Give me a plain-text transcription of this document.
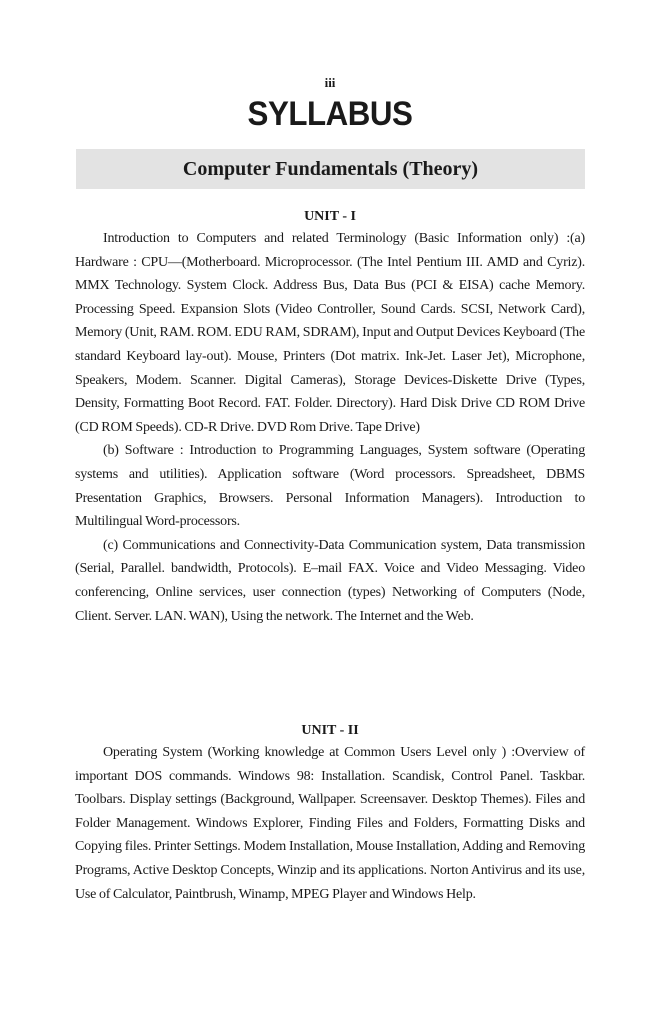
iii
SYLLABUS
Computer Fundamentals (Theory)
UNIT - I

Introduction to Computers and related Terminology (Basic Information only) :(a) Hardware : CPU—(Motherboard. Microprocessor. (The Intel Pentium III. AMD and Cyriz). MMX Technology. System Clock. Address Bus, Data Bus (PCI & EISA) cache Memory. Processing Speed. Expansion Slots (Video Controller, Sound Cards. SCSI, Network Card), Memory (Unit, RAM. ROM. EDU RAM, SDRAM), Input and Output Devices Keyboard (The standard Keyboard lay-out). Mouse, Printers (Dot matrix. Ink-Jet. Laser Jet), Microphone, Speakers, Modem. Scanner. Digital Cameras), Storage Devices-Diskette Drive (Types, Density, Formatting Boot Record. FAT. Folder. Directory). Hard Disk Drive CD ROM Drive (CD ROM Speeds). CD-R Drive. DVD Rom Drive. Tape Drive)

(b) Software : Introduction to Programming Languages, System software (Operating systems and utilities). Application software (Word processors. Spreadsheet, DBMS Presentation Graphics, Browsers. Personal Information Managers). Introduction to Multilingual Word-processors.

(c) Communications and Connectivity-Data Communication system, Data transmission (Serial, Parallel. bandwidth, Protocols). E–mail FAX. Voice and Video Messaging. Video conferencing, Online services, user connection (types) Networking of Computers (Node, Client. Server. LAN. WAN), Using the network. The Internet and the Web.

UNIT - II

Operating System (Working knowledge at Common Users Level only ) :Overview of important DOS commands. Windows 98: Installation. Scandisk, Control Panel. Taskbar. Toolbars. Display settings (Background, Wallpaper. Screensaver. Desktop Themes). Files and Folder Management. Windows Explorer, Finding Files and Folders, Formatting Disks and Copying files. Printer Settings. Modem Installation, Mouse Installation, Adding and Removing Programs, Active Desktop Concepts, Winzip and its applications. Norton Antivirus and its use, Use of Calculator, Paintbrush, Winamp, MPEG Player and Windows Help.
